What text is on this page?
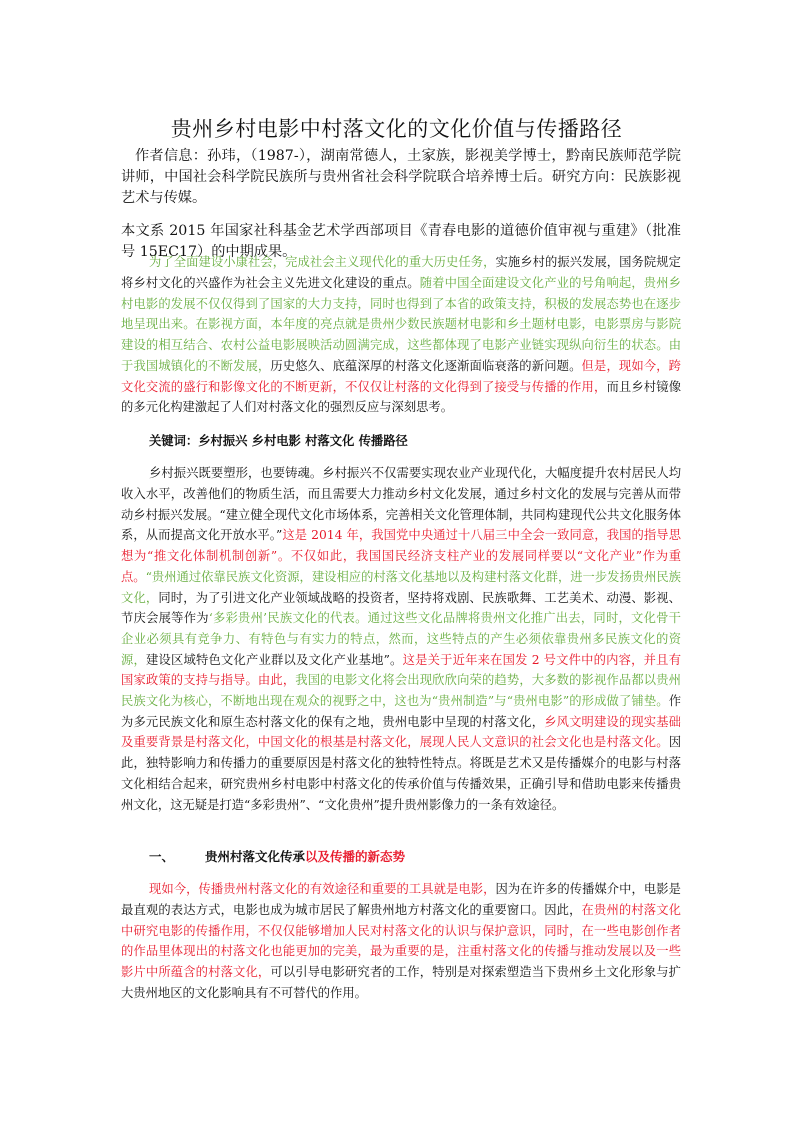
贵州乡村电影中村落文化的文化价值与传播路径

作者信息：孙玮，（1987-），湖南常德人，土家族，影视美学博士，黔南民族师范学院讲师，中国社会科学院民族所与贵州省社会科学院联合培养博士后。研究方向：民族影视艺术与传媒。

本文系 2015 年国家社科基金艺术学西部项目《青春电影的道德价值审视与重建》（批准号 15EC17）的中期成果。

为了全面建设小康社会，完成社会主义现代化的重大历史任务，实施乡村的振兴发展，国务院规定将乡村文化的兴盛作为社会主义先进文化建设的重点。随着中国全面建设文化产业的号角响起，贵州乡村电影的发展不仅仅得到了国家的大力支持，同时也得到了本省的政策支持，积极的发展态势也在逐步地呈现出来。在影视方面，本年度的亮点就是贵州少数民族题材电影和乡土题材电影，电影票房与影院建设的相互结合、农村公益电影展映活动圆满完成，这些都体现了电影产业链实现纵向衍生的状态。由于我国城镇化的不断发展，历史悠久、底蕴深厚的村落文化逐渐面临衰落的新问题。但是，现如今，跨文化交流的盛行和影像文化的不断更新，不仅仅让村落的文化得到了接受与传播的作用，而且乡村镜像的多元化构建激起了人们对村落文化的强烈反应与深刻思考。

关键词：乡村振兴 乡村电影 村落文化 传播路径

乡村振兴既要塑形，也要铸魂。乡村振兴不仅需要实现农业产业现代化，大幅度提升农村居民人均收入水平，改善他们的物质生活，而且需要大力推动乡村文化发展，通过乡村文化的发展与完善从而带动乡村振兴发展。“建立健全现代文化市场体系，完善相关文化管理体制，共同构建现代公共文化服务体系，从而提高文化开放水平。”这是 2014 年，我国党中央通过十八届三中全会一致同意，我国的指导思想为“推文化体制机制创新”。不仅如此，我国国民经济支柱产业的发展同样要以“文化产业”作为重点。“贵州通过依靠民族文化资源，建设相应的村落文化基地以及构建村落文化群，进一步发扬贵州民族文化，同时，为了引进文化产业领域战略的投资者，坚持将戏剧、民族歌舞、工艺美术、动漫、影视、节庆会展等作为‘多彩贵州’民族文化的代表。通过这些文化品牌将贵州文化推广出去，同时，文化骨干企业必须具有竞争力、有特色与有实力的特点，然而，这些特点的产生必须依靠贵州多民族文化的资源，建设区域特色文化产业群以及文化产业基地”。这是关于近年来在国发 2 号文件中的内容，并且有国家政策的支持与指导。由此，我国的电影文化将会出现欣欣向荣的趋势，大多数的影视作品都以贵州民族文化为核心，不断地出现在观众的视野之中，这也为“贵州制造”与“贵州电影”的形成做了铺垫。作为多元民族文化和原生态村落文化的保有之地，贵州电影中呈现的村落文化，乡风文明建设的现实基础及重要背景是村落文化，中国文化的根基是村落文化，展现人民人文意识的社会文化也是村落文化。因此，独特影响力和传播力的重要原因是村落文化的独特性特点。将既是艺术又是传播媒介的电影与村落文化相结合起来，研究贵州乡村电影中村落文化的传承价值与传播效果，正确引导和借助电影来传播贵州文化，这无疑是打造“多彩贵州”、“文化贵州”提升贵州影像力的一条有效途径。

一、 贵州村落文化传承以及传播的新态势

现如今，传播贵州村落文化的有效途径和重要的工具就是电影，因为在许多的传播媒介中，电影是最直观的表达方式，电影也成为城市居民了解贵州地方村落文化的重要窗口。因此，在贵州的村落文化中研究电影的传播作用，不仅仅能够增加人民对村落文化的认识与保护意识，同时，在一些电影创作者的作品里体现出的村落文化也能更加的完美，最为重要的是，注重村落文化的传播与推动发展以及一些影片中所蕴含的村落文化，可以引导电影研究者的工作，特别是对探索塑造当下贵州乡土文化形象与扩大贵州地区的文化影响具有不可替代的作用。
